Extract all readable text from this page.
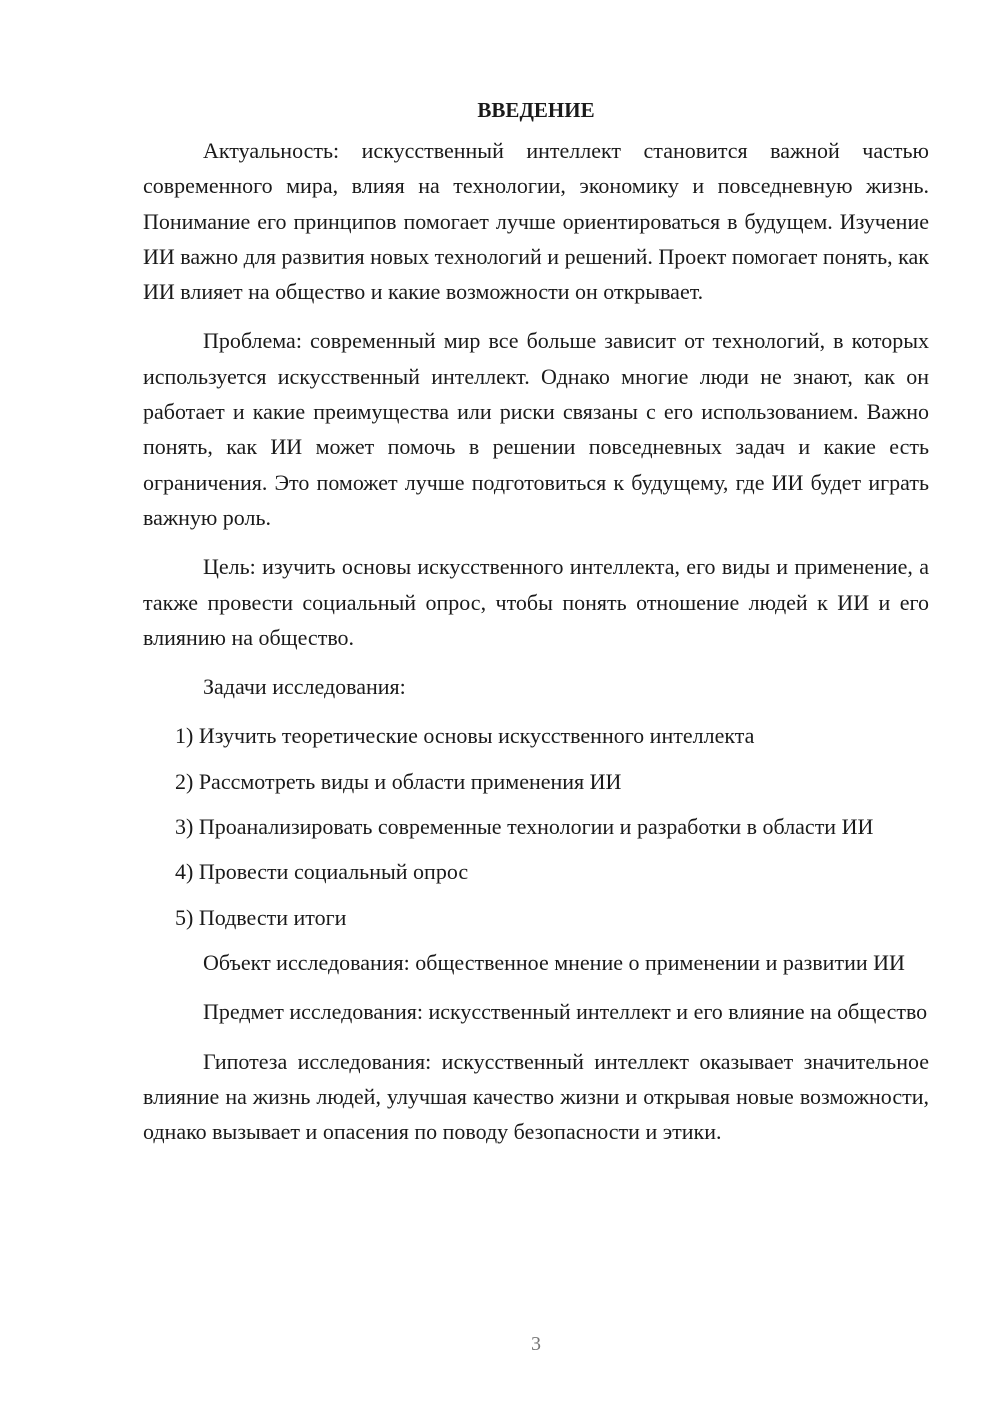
ВВЕДЕНИЕ

Актуальность: искусственный интеллект становится важной частью современного мира, влияя на технологии, экономику и повседневную жизнь. Понимание его принципов помогает лучше ориентироваться в будущем. Изучение ИИ важно для развития новых технологий и решений. Проект помогает понять, как ИИ влияет на общество и какие возможности он открывает.

Проблема: современный мир все больше зависит от технологий, в которых используется искусственный интеллект. Однако многие люди не знают, как он работает и какие преимущества или риски связаны с его использованием. Важно понять, как ИИ может помочь в решении повседневных задач и какие есть ограничения. Это поможет лучше подготовиться к будущему, где ИИ будет играть важную роль.

Цель: изучить основы искусственного интеллекта, его виды и применение, а также провести социальный опрос, чтобы понять отношение людей к ИИ и его влиянию на общество.

Задачи исследования:

1) Изучить теоретические основы искусственного интеллекта

2) Рассмотреть виды и области применения ИИ

3) Проанализировать современные технологии и разработки в области ИИ

4) Провести социальный опрос

5) Подвести итоги

Объект исследования: общественное мнение о применении и развитии ИИ

Предмет исследования: искусственный интеллект и его влияние на общество

Гипотеза исследования: искусственный интеллект оказывает значительное влияние на жизнь людей, улучшая качество жизни и открывая новые возможности, однако вызывает и опасения по поводу безопасности и этики.

3
